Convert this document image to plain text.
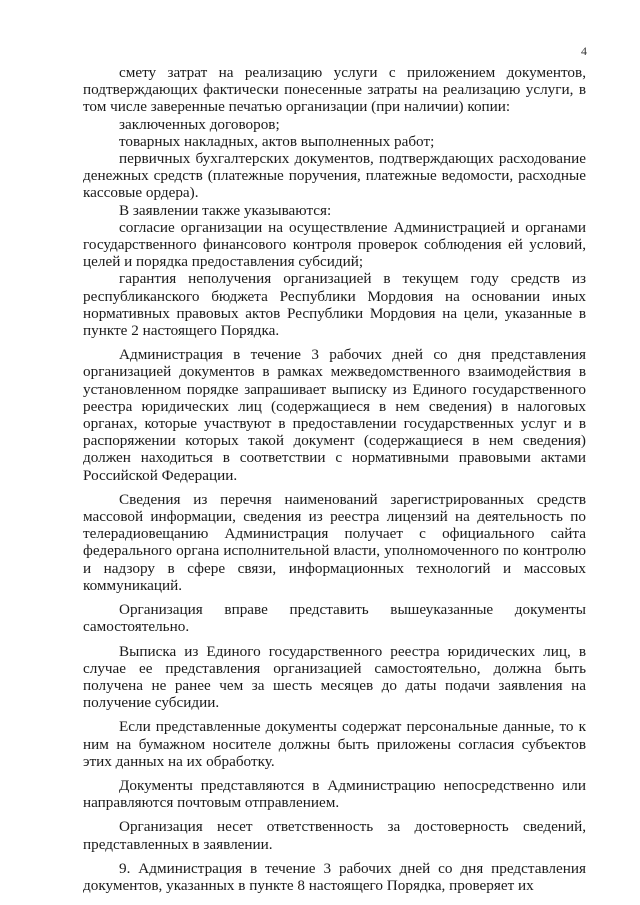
4

смету затрат на реализацию услуги с приложением документов, подтверждающих фактически понесенные затраты на реализацию услуги, в том числе заверенные печатью организации (при наличии) копии:

заключенных договоров;

товарных накладных, актов выполненных работ;

первичных бухгалтерских документов, подтверждающих расходование денежных средств (платежные поручения, платежные ведомости, расходные кассовые ордера).

В заявлении также указываются:

согласие организации на осуществление Администрацией и органами государственного финансового контроля проверок соблюдения ей условий, целей и порядка предоставления субсидий;

гарантия неполучения организацией в текущем году средств из республиканского бюджета Республики Мордовия на основании иных нормативных правовых актов Республики Мордовия на цели, указанные в пункте 2 настоящего Порядка.

Администрация в течение 3 рабочих дней со дня представления организацией документов в рамках межведомственного взаимодействия в установленном порядке запрашивает выписку из Единого государственного реестра юридических лиц (содержащиеся в нем сведения) в налоговых органах, которые участвуют в предоставлении государственных услуг и в распоряжении которых такой документ (содержащиеся в нем сведения) должен находиться в соответствии с нормативными правовыми актами Российской Федерации.

Сведения из перечня наименований зарегистрированных средств массовой информации, сведения из реестра лицензий на деятельность по телерадиовещанию Администрация получает с официального сайта федерального органа исполнительной власти, уполномоченного по контролю и надзору в сфере связи, информационных технологий и массовых коммуникаций.

Организация вправе представить вышеуказанные документы самостоятельно.

Выписка из Единого государственного реестра юридических лиц, в случае ее представления организацией самостоятельно, должна быть получена не ранее чем за шесть месяцев до даты подачи заявления на получение субсидии.

Если представленные документы содержат персональные данные, то к ним на бумажном носителе должны быть приложены согласия субъектов этих данных на их обработку.

Документы представляются в Администрацию непосредственно или направляются почтовым отправлением.

Организация несет ответственность за достоверность сведений, представленных в заявлении.

9. Администрация в течение 3 рабочих дней со дня представления документов, указанных в пункте 8 настоящего Порядка, проверяет их
